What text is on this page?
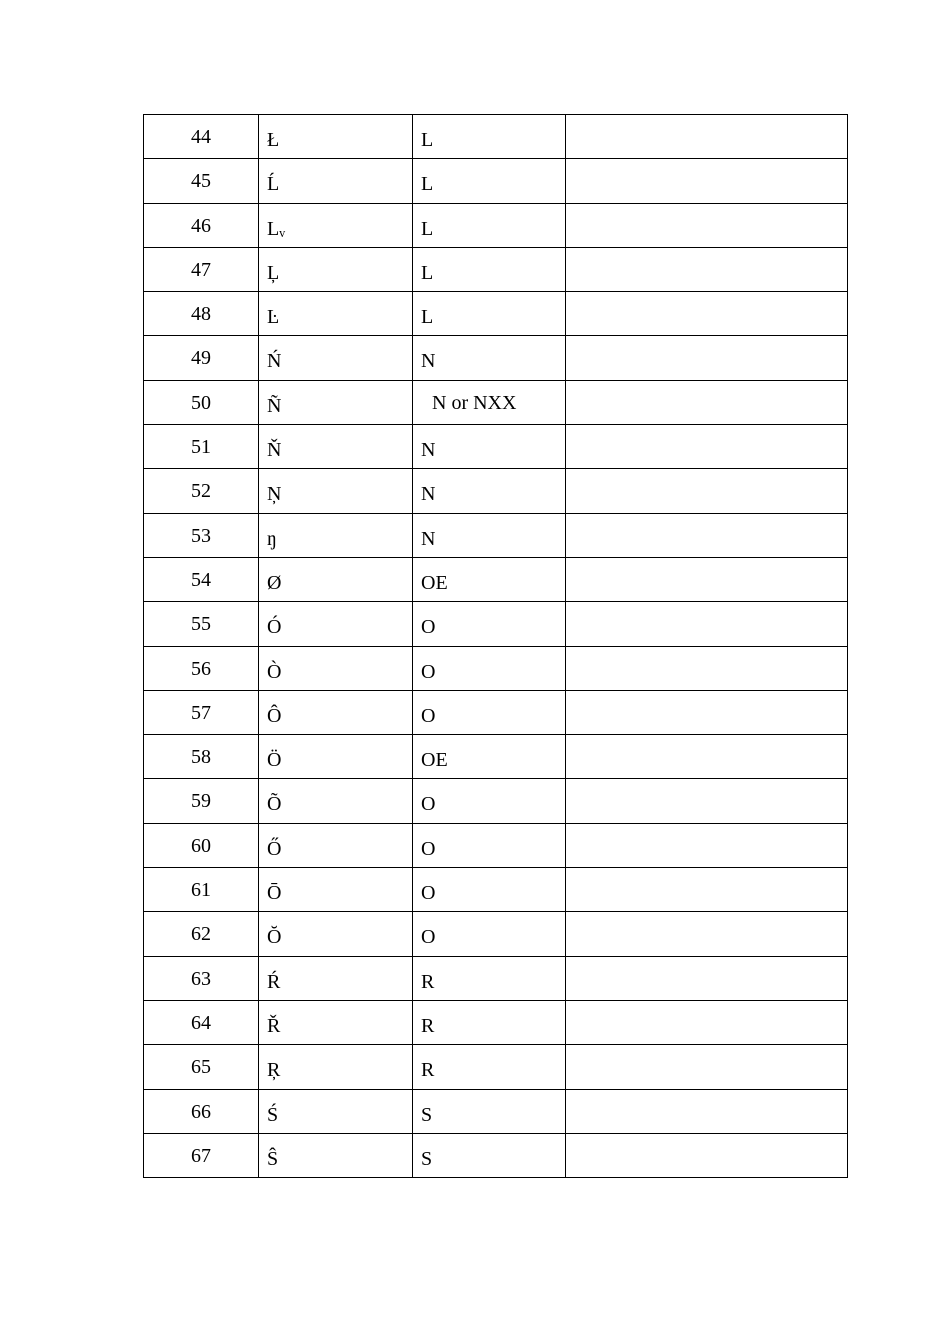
44	Ł	L	
45	Ĺ	L	
46	Lᵥ	L	
47	Ļ	L	
48	Ŀ	L	
49	Ń	N	
50	Ñ	N or NXX	
51	Ň	N	
52	Ņ	N	
53	ŋ	N	
54	Ø	OE	
55	Ó	O	
56	Ò	O	
57	Ô	O	
58	Ö	OE	
59	Õ	O	
60	Ő	O	
61	Ō	O	
62	Ŏ	O	
63	Ŕ	R	
64	Ř	R	
65	Ŗ	R	
66	Ś	S	
67	Ŝ	S	
